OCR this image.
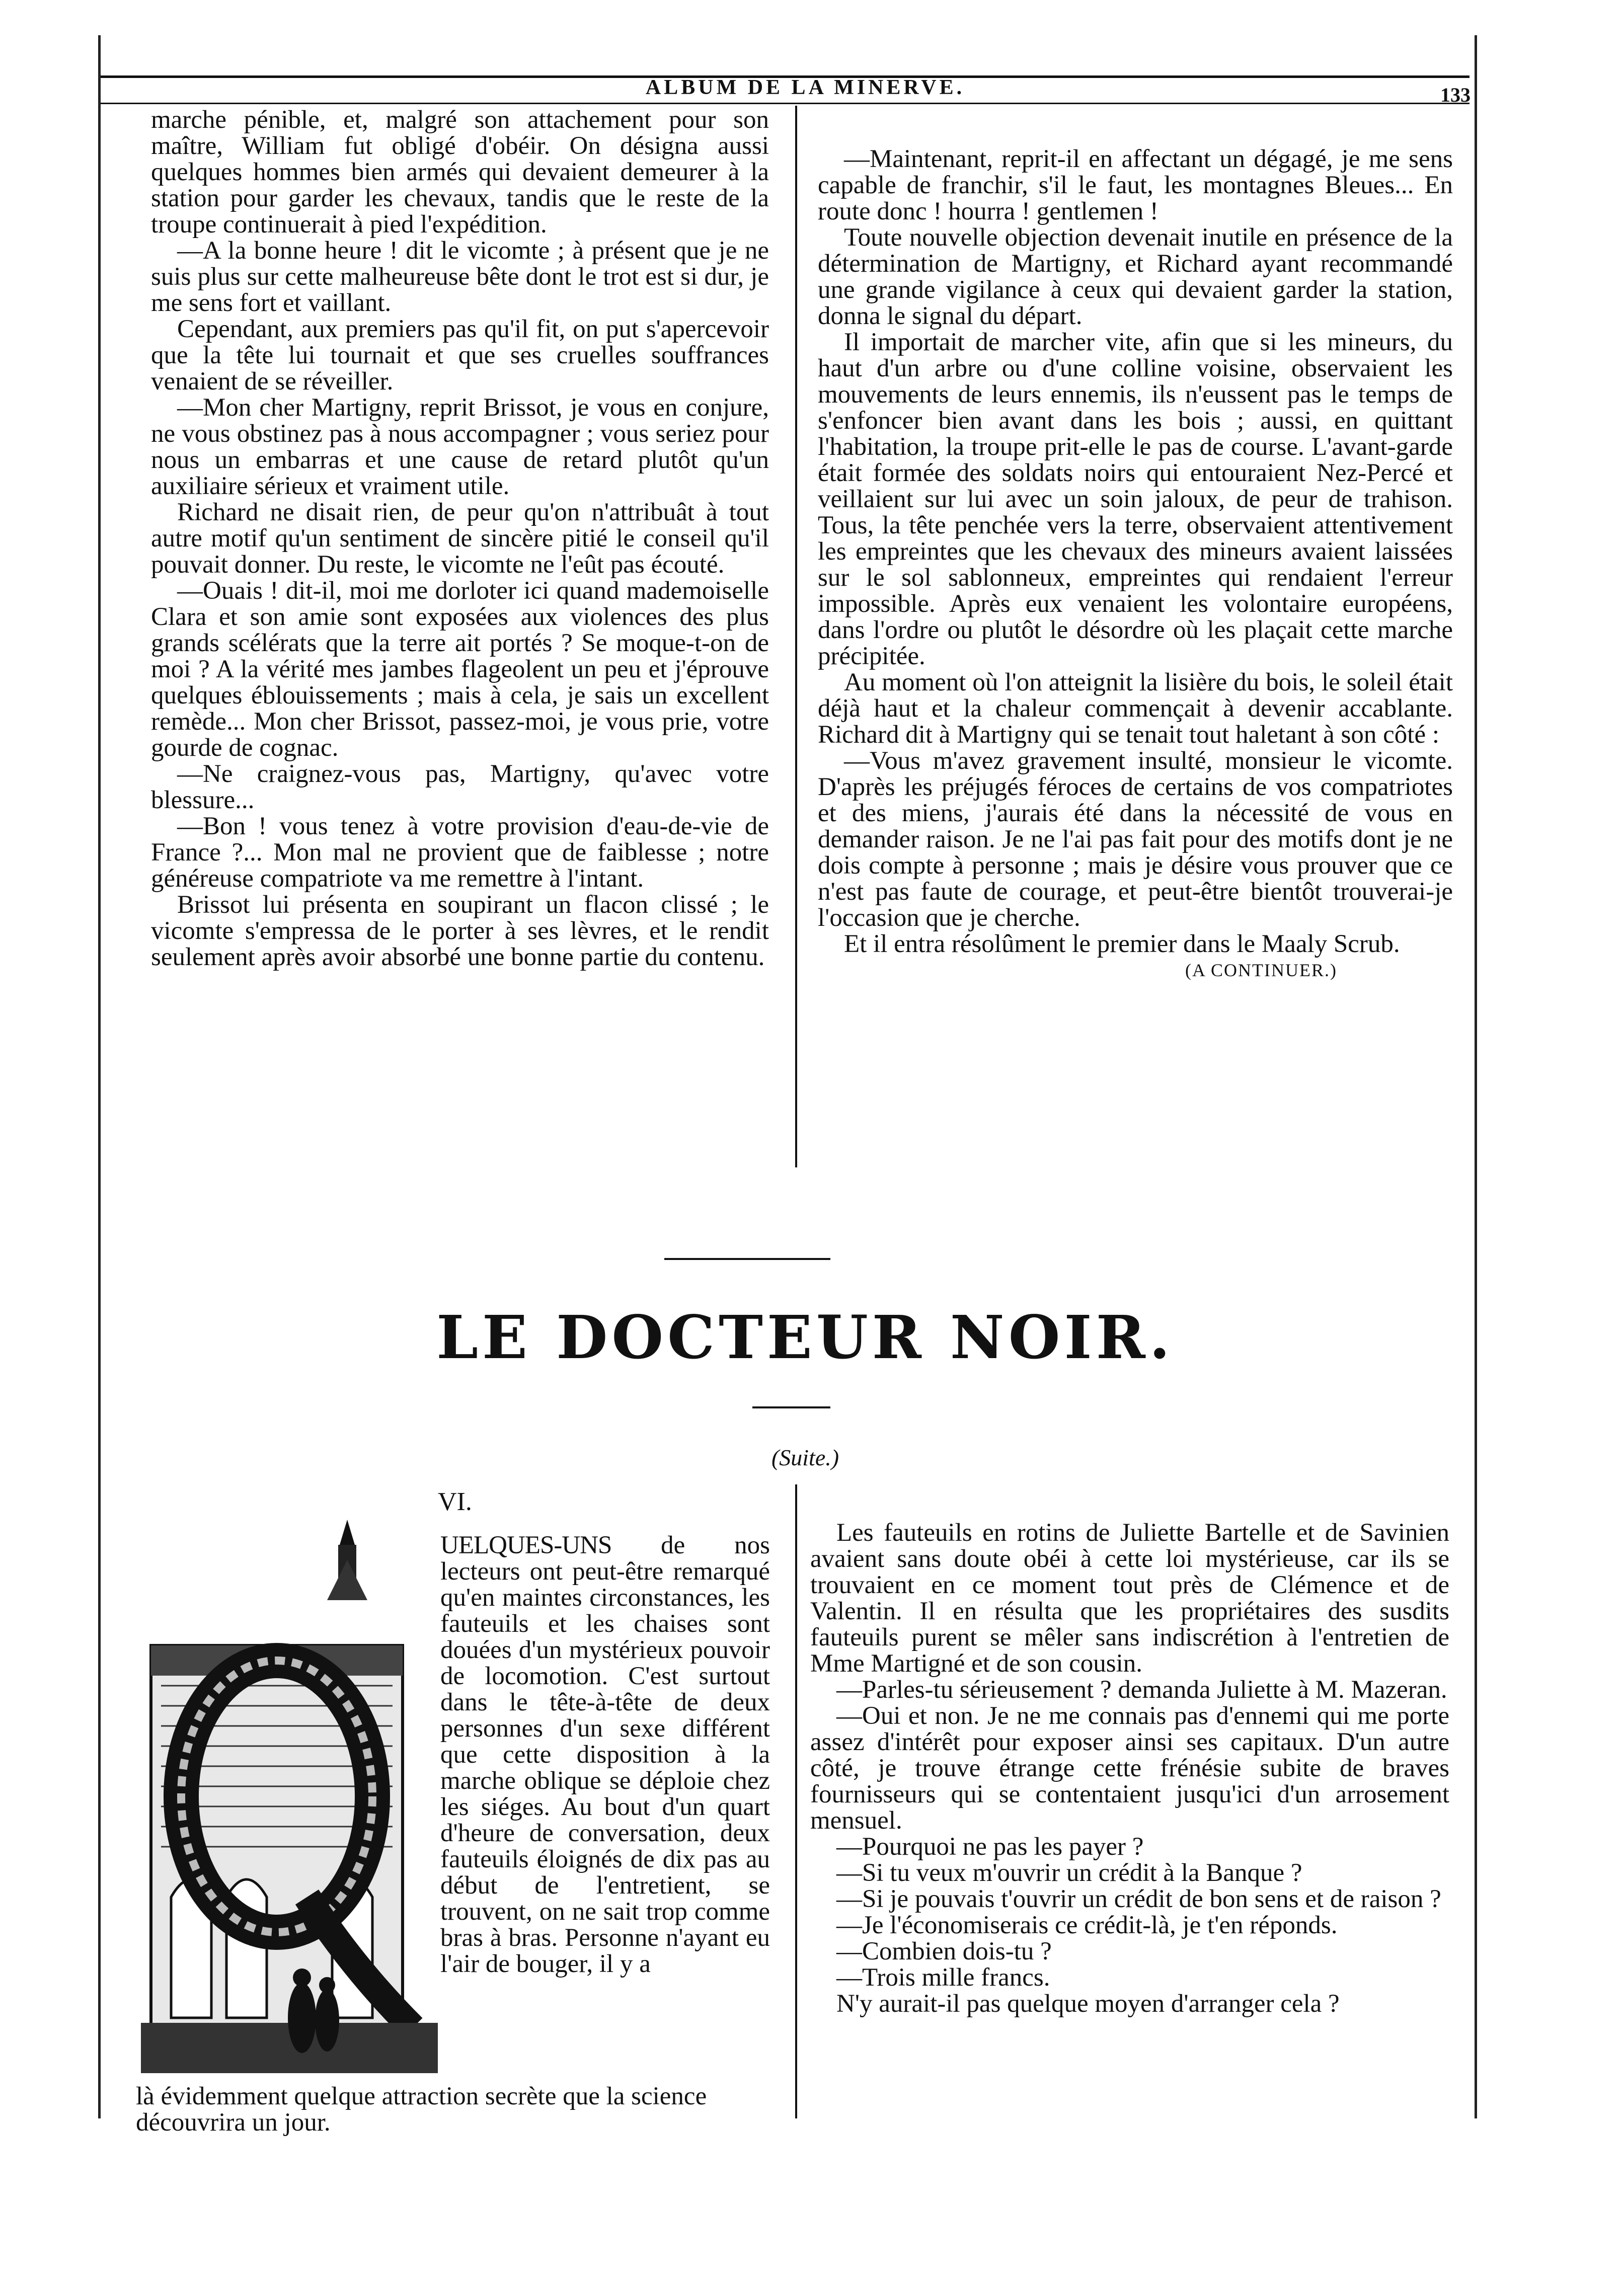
ALBUM DE LA MINERVE.	133

marche pénible, et, malgré son attachement pour son maître, William fut obligé d'obéir. On désigna aussi quelques hommes bien armés qui devaient demeurer à la station pour garder les chevaux, tandis que le reste de la troupe continuerait à pied l'expédition.

—A la bonne heure ! dit le vicomte ; à présent que je ne suis plus sur cette malheureuse bête dont le trot est si dur, je me sens fort et vaillant.

Cependant, aux premiers pas qu'il fit, on put s'apercevoir que la tête lui tournait et que ses cruelles souffrances venaient de se réveiller.

—Mon cher Martigny, reprit Brissot, je vous en conjure, ne vous obstinez pas à nous accompagner ; vous seriez pour nous un embarras et une cause de retard plutôt qu'un auxiliaire sérieux et vraiment utile.

Richard ne disait rien, de peur qu'on n'attribuât à tout autre motif qu'un sentiment de sincère pitié le conseil qu'il pouvait donner. Du reste, le vicomte ne l'eût pas écouté.

—Ouais ! dit-il, moi me dorloter ici quand mademoiselle Clara et son amie sont exposées aux violences des plus grands scélérats que la terre ait portés ? Se moque-t-on de moi ? A la vérité mes jambes flageolent un peu et j'éprouve quelques éblouissements ; mais à cela, je sais un excellent remède... Mon cher Brissot, passez-moi, je vous prie, votre gourde de cognac.

—Ne craignez-vous pas, Martigny, qu'avec votre blessure...

—Bon ! vous tenez à votre provision d'eau-de-vie de France ?... Mon mal ne provient que de faiblesse ; notre généreuse compatriote va me remettre à l'intant.

Brissot lui présenta en soupirant un flacon clissé ; le vicomte s'empressa de le porter à ses lèvres, et le rendit seulement après avoir absorbé une bonne partie du contenu.

—Maintenant, reprit-il en affectant un dégagé, je me sens capable de franchir, s'il le faut, les montagnes Bleues... En route donc ! hourra ! gentlemen !

Toute nouvelle objection devenait inutile en présence de la détermination de Martigny, et Richard ayant recommandé une grande vigilance à ceux qui devaient garder la station, donna le signal du départ.

Il importait de marcher vite, afin que si les mineurs, du haut d'un arbre ou d'une colline voisine, observaient les mouvements de leurs ennemis, ils n'eussent pas le temps de s'enfoncer bien avant dans les bois ; aussi, en quittant l'habitation, la troupe prit-elle le pas de course. L'avant-garde était formée des soldats noirs qui entouraient Nez-Percé et veillaient sur lui avec un soin jaloux, de peur de trahison. Tous, la tête penchée vers la terre, observaient attentivement les empreintes que les chevaux des mineurs avaient laissées sur le sol sablonneux, empreintes qui rendaient l'erreur impossible. Après eux venaient les volontaire européens, dans l'ordre ou plutôt le désordre où les plaçait cette marche précipitée.

Au moment où l'on atteignit la lisière du bois, le soleil était déjà haut et la chaleur commençait à devenir accablante. Richard dit à Martigny qui se tenait tout haletant à son côté :

—Vous m'avez gravement insulté, monsieur le vicomte. D'après les préjugés féroces de certains de vos compatriotes et des miens, j'aurais été dans la nécessité de vous en demander raison. Je ne l'ai pas fait pour des motifs dont je ne dois compte à personne ; mais je désire vous prouver que ce n'est pas faute de courage, et peut-être bientôt trouverai-je l'occasion que je cherche.

Et il entra résolûment le premier dans le Maaly Scrub.

(A CONTINUER.)

LE DOCTEUR NOIR.
(Suite.)
VI.

UELQUES-UNS de nos lecteurs ont peut-être remarqué qu'en maintes circonstances, les fauteuils et les chaises sont douées d'un mystérieux pouvoir de locomotion. C'est surtout dans le tête-à-tête de deux personnes d'un sexe différent que cette disposition à la marche oblique se déploie chez les siéges. Au bout d'un quart d'heure de conversation, deux fauteuils éloignés de dix pas au début de l'entretient, se trouvent, on ne sait trop comme bras à bras. Personne n'ayant eu l'air de bouger, il y a

là évidemment quelque attraction secrète que la science découvrira un jour.

Les fauteuils en rotins de Juliette Bartelle et de Savinien avaient sans doute obéi à cette loi mystérieuse, car ils se trouvaient en ce moment tout près de Clémence et de Valentin. Il en résulta que les propriétaires des susdits fauteuils purent se mêler sans indiscrétion à l'entretien de Mme Martigné et de son cousin.

—Parles-tu sérieusement ? demanda Juliette à M. Mazeran.

—Oui et non. Je ne me connais pas d'ennemi qui me porte assez d'intérêt pour exposer ainsi ses capitaux. D'un autre côté, je trouve étrange cette frénésie subite de braves fournisseurs qui se contentaient jusqu'ici d'un arrosement mensuel.

—Pourquoi ne pas les payer ?

—Si tu veux m'ouvrir un crédit à la Banque ?

—Si je pouvais t'ouvrir un crédit de bon sens et de raison ?

—Je l'économiserais ce crédit-là, je t'en réponds.

—Combien dois-tu ?

—Trois mille francs.

N'y aurait-il pas quelque moyen d'arranger cela ?
